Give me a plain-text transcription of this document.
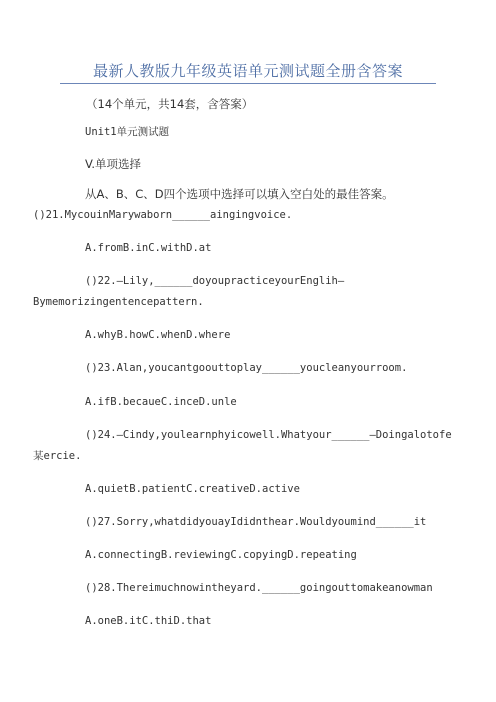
最新人教版九年级英语单元测试题全册含答案
（14个单元，共14套，含答案）
Unit1单元测试题
V.单项选择
从A、B、C、D四个选项中选择可以填入空白处的最佳答案。
()21.MycouinMarywaborn______aingingvoice.
A.fromB.inC.withD.at
()22.—Lily,______doyoupracticeyourEnglih—
Bymemorizingentencepattern.
A.whyB.howC.whenD.where
()23.Alan,youcantgoouttoplay______youcleanyourroom.
A.ifB.becaueC.inceD.unle
()24.—Cindy,youlearnphyicowell.Whatyour______—Doingalotofe
某ercie.
A.quietB.patientC.creativeD.active
()27.Sorry,whatdidyouayIdidnthear.Wouldyoumind______it
A.connectingB.reviewingC.copyingD.repeating
()28.Thereimuchnowintheyard.______goingouttomakeanowman
A.oneB.itC.thiD.that
